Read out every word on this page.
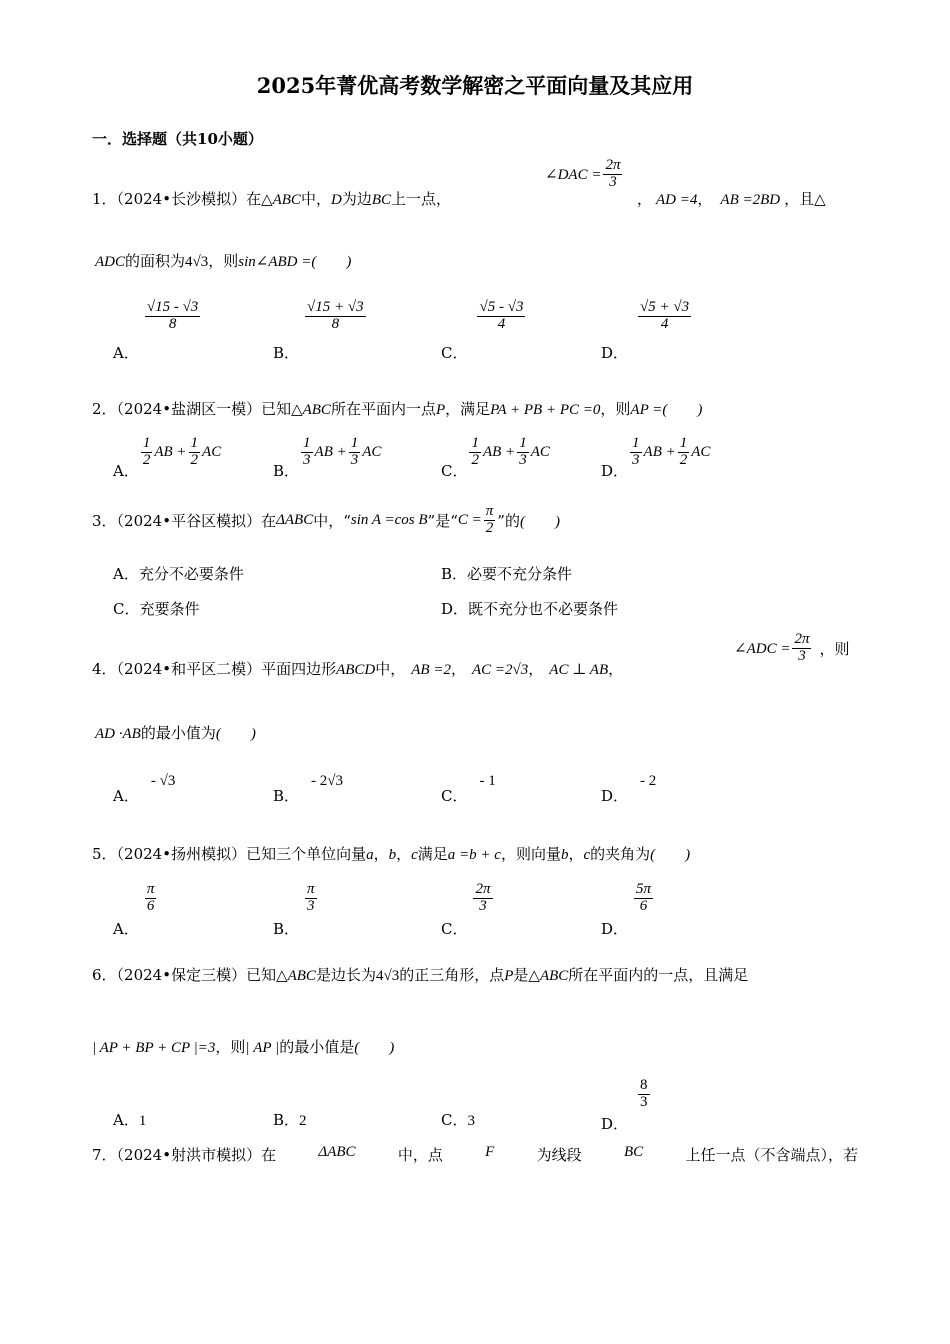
2025年菁优高考数学解密之平面向量及其应用
一．选择题（共10小题）
1．（2024•长沙模拟）在△ABC中，D为边BC上一点，
∠DAC = $\frac{2\pi}{3}$
， AD =4， AB =2BD ，且△
ADC的面积为4√3，则sin∠ABD =(　　)
A．
$\frac{√15 - √3}{8}$
B．
$\frac{√15 + √3}{8}$
C．
$\frac{√5 - √3}{4}$
D．
$\frac{√5 + √3}{4}$
2．（2024•盐湖区一模）已知△ABC所在平面内一点P，满足PA + PB + PC =0，则AP =(　　)
A．
$\frac{1}{2}$ AB + $\frac{1}{2}$ AC
B．
$\frac{1}{3}$ AB + $\frac{1}{3}$ AC
C．
$\frac{1}{2}$ AB + $\frac{1}{3}$ AC
D．
$\frac{1}{3}$ AB + $\frac{1}{2}$ AC
3．（2024•平谷区模拟）在 ΔABC 中，“ sin A =cos B ”是“ $C = \frac{\pi}{2}$ ”的 (　　)
A．充分不必要条件	B．必要不充分条件
C．充要条件	D．既不充分也不必要条件
4．（2024•和平区二模）平面四边形ABCD中， AB =2， AC =2√3， AC ⊥ AB，
∠ADC = $\frac{2\pi}{3}$ ，则
AD ·AB的最小值为(　　)
A．- √3
B．- 2√3
C．- 1
D．- 2
5．（2024•扬州模拟）已知三个单位向量a，b，c满足a =b + c，则向量b，c的夹角为(　　)
A．
$\frac{\pi}{6}$
B．
$\frac{\pi}{3}$
C．
$\frac{2\pi}{3}$
D．
$\frac{5\pi}{6}$
6．（2024•保定三模）已知△ABC是边长为4√3的正三角形，点P是△ABC所在平面内的一点，且满足
| AP + BP + CP |=3，则| AP |的最小值是(　　)
A．1	B．2	C．3	D．
$\frac{8}{3}$
7．（2024•射洪市模拟）在	ΔABC	中，点	F	为线段	BC	上任一点（不含端点），若
